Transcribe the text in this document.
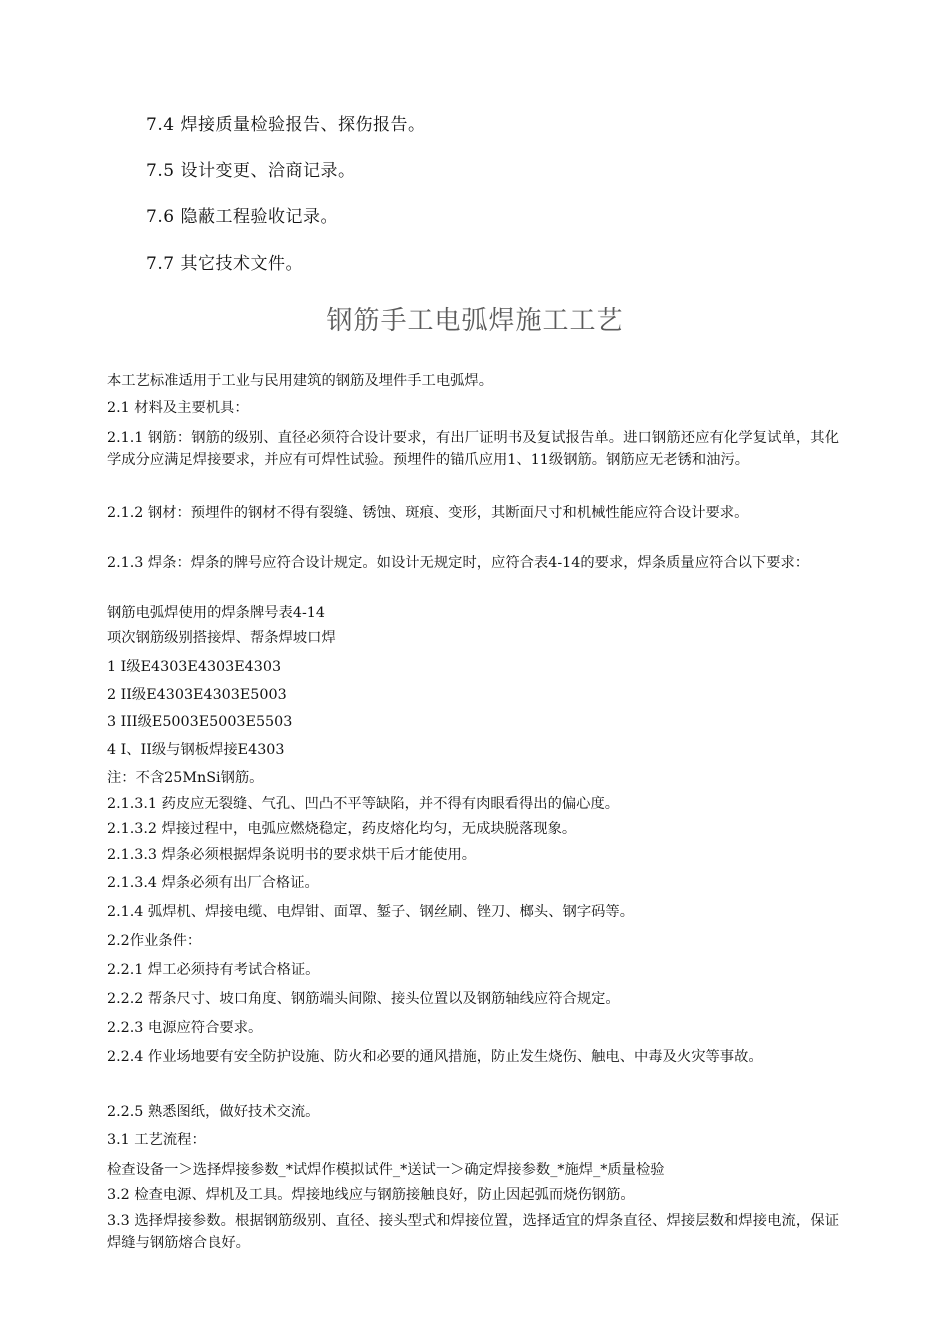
7.4 焊接质量检验报告、探伤报告。
7.5 设计变更、洽商记录。
7.6 隐蔽工程验收记录。
7.7 其它技术文件。
钢筋手工电弧焊施工工艺
本工艺标准适用于工业与民用建筑的钢筋及埋件手工电弧焊。
2.1 材料及主要机具：
2.1.1 钢筋：钢筋的级别、直径必须符合设计要求，有出厂证明书及复试报告单。进口钢筋还应有化学复试单，其化学成分应满足焊接要求，并应有可焊性试验。预埋件的锚爪应用1、11级钢筋。钢筋应无老锈和油污。
2.1.2 钢材：预埋件的钢材不得有裂缝、锈蚀、斑痕、变形，其断面尺寸和机械性能应符合设计要求。
2.1.3 焊条：焊条的牌号应符合设计规定。如设计无规定时，应符合表4-14的要求，焊条质量应符合以下要求：
钢筋电弧焊使用的焊条牌号表4-14
项次钢筋级别搭接焊、帮条焊坡口焊
1 I级E4303E4303E4303
2 II级E4303E4303E5003
3 III级E5003E5003E5503
4 I、II级与钢板焊接E4303
注：不含25MnSi钢筋。
2.1.3.1 药皮应无裂缝、气孔、凹凸不平等缺陷，并不得有肉眼看得出的偏心度。
2.1.3.2 焊接过程中，电弧应燃烧稳定，药皮熔化均匀，无成块脱落现象。
2.1.3.3 焊条必须根据焊条说明书的要求烘干后才能使用。
2.1.3.4 焊条必须有出厂合格证。
2.1.4 弧焊机、焊接电缆、电焊钳、面罩、錾子、钢丝刷、锉刀、榔头、钢字码等。
2.2作业条件：
2.2.1 焊工必须持有考试合格证。
2.2.2 帮条尺寸、坡口角度、钢筋端头间隙、接头位置以及钢筋轴线应符合规定。
2.2.3 电源应符合要求。
2.2.4 作业场地要有安全防护设施、防火和必要的通风措施，防止发生烧伤、触电、中毒及火灾等事故。
2.2.5 熟悉图纸，做好技术交流。
3.1 工艺流程：
检查设备一＞选择焊接参数_*试焊作模拟试件_*送试一＞确定焊接参数_*施焊_*质量检验
3.2 检查电源、焊机及工具。焊接地线应与钢筋接触良好，防止因起弧而烧伤钢筋。
3.3 选择焊接参数。根据钢筋级别、直径、接头型式和焊接位置，选择适宜的焊条直径、焊接层数和焊接电流，保证焊缝与钢筋熔合良好。
